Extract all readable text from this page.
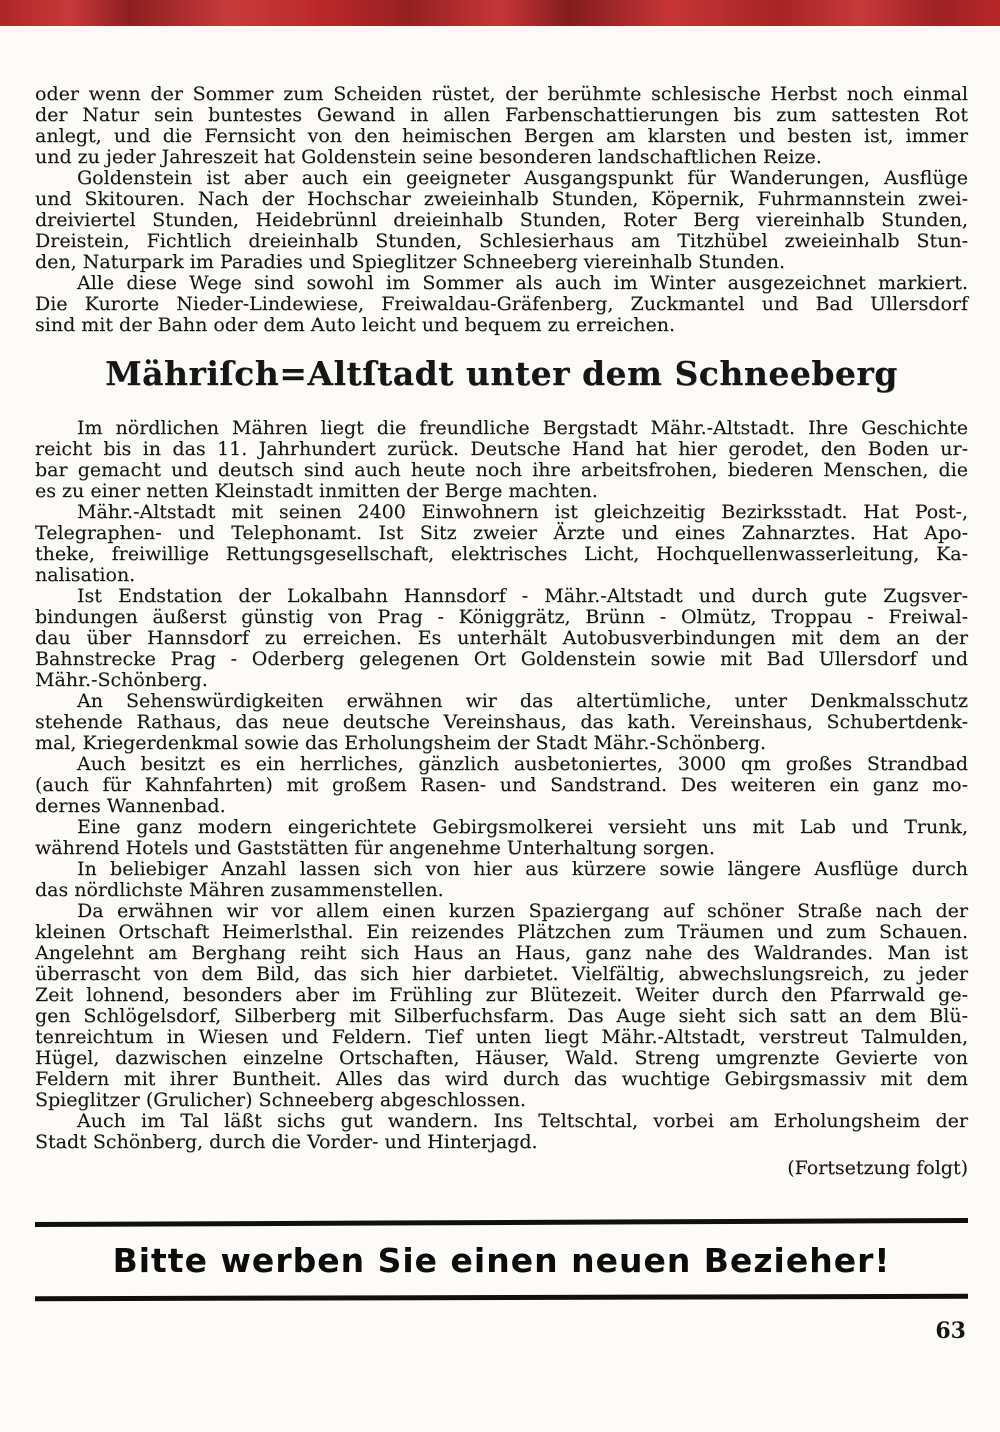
oder wenn der Sommer zum Scheiden rüstet, der berühmte schlesische Herbst noch einmal
der Natur sein buntestes Gewand in allen Farbenschattierungen bis zum sattesten Rot
anlegt, und die Fernsicht von den heimischen Bergen am klarsten und besten ist, immer
und zu jeder Jahreszeit hat Goldenstein seine besonderen landschaftlichen Reize.
Goldenstein ist aber auch ein geeigneter Ausgangspunkt für Wanderungen, Ausflüge
und Skitouren. Nach der Hochschar zweieinhalb Stunden, Köpernik, Fuhrmannstein zwei-
dreiviertel Stunden, Heidebrünnl dreieinhalb Stunden, Roter Berg viereinhalb Stunden,
Dreistein, Fichtlich dreieinhalb Stunden, Schlesierhaus am Titzhübel zweieinhalb Stun-
den, Naturpark im Paradies und Spieglitzer Schneeberg viereinhalb Stunden.
Alle diese Wege sind sowohl im Sommer als auch im Winter ausgezeichnet markiert.
Die Kurorte Nieder-Lindewiese, Freiwaldau-Gräfenberg, Zuckmantel und Bad Ullersdorf
sind mit der Bahn oder dem Auto leicht und bequem zu erreichen.
Mähriſch=Altſtadt unter dem Schneeberg
Im nördlichen Mähren liegt die freundliche Bergstadt Mähr.-Altstadt. Ihre Geschichte
reicht bis in das 11. Jahrhundert zurück. Deutsche Hand hat hier gerodet, den Boden ur-
bar gemacht und deutsch sind auch heute noch ihre arbeitsfrohen, biederen Menschen, die
es zu einer netten Kleinstadt inmitten der Berge machten.
Mähr.-Altstadt mit seinen 2400 Einwohnern ist gleichzeitig Bezirksstadt. Hat Post-,
Telegraphen- und Telephonamt. Ist Sitz zweier Ärzte und eines Zahnarztes. Hat Apo-
theke, freiwillige Rettungsgesellschaft, elektrisches Licht, Hochquellenwasserleitung, Ka-
nalisation.
Ist Endstation der Lokalbahn Hannsdorf - Mähr.-Altstadt und durch gute Zugsver-
bindungen äußerst günstig von Prag - Königgrätz, Brünn - Olmütz, Troppau - Freiwal-
dau über Hannsdorf zu erreichen. Es unterhält Autobusverbindungen mit dem an der
Bahnstrecke Prag - Oderberg gelegenen Ort Goldenstein sowie mit Bad Ullersdorf und
Mähr.-Schönberg.
An Sehenswürdigkeiten erwähnen wir das altertümliche, unter Denkmalsschutz
stehende Rathaus, das neue deutsche Vereinshaus, das kath. Vereinshaus, Schubertdenk-
mal, Kriegerdenkmal sowie das Erholungsheim der Stadt Mähr.-Schönberg.
Auch besitzt es ein herrliches, gänzlich ausbetoniertes, 3000 qm großes Strandbad
(auch für Kahnfahrten) mit großem Rasen- und Sandstrand. Des weiteren ein ganz mo-
dernes Wannenbad.
Eine ganz modern eingerichtete Gebirgsmolkerei versieht uns mit Lab und Trunk,
während Hotels und Gaststätten für angenehme Unterhaltung sorgen.
In beliebiger Anzahl lassen sich von hier aus kürzere sowie längere Ausflüge durch
das nördlichste Mähren zusammenstellen.
Da erwähnen wir vor allem einen kurzen Spaziergang auf schöner Straße nach der
kleinen Ortschaft Heimerlsthal. Ein reizendes Plätzchen zum Träumen und zum Schauen.
Angelehnt am Berghang reiht sich Haus an Haus, ganz nahe des Waldrandes. Man ist
überrascht von dem Bild, das sich hier darbietet. Vielfältig, abwechslungsreich, zu jeder
Zeit lohnend, besonders aber im Frühling zur Blütezeit. Weiter durch den Pfarrwald ge-
gen Schlögelsdorf, Silberberg mit Silberfuchsfarm. Das Auge sieht sich satt an dem Blü-
tenreichtum in Wiesen und Feldern. Tief unten liegt Mähr.-Altstadt, verstreut Talmulden,
Hügel, dazwischen einzelne Ortschaften, Häuser, Wald. Streng umgrenzte Gevierte von
Feldern mit ihrer Buntheit. Alles das wird durch das wuchtige Gebirgsmassiv mit dem
Spieglitzer (Grulicher) Schneeberg abgeschlossen.
Auch im Tal läßt sichs gut wandern. Ins Teltschtal, vorbei am Erholungsheim der
Stadt Schönberg, durch die Vorder- und Hinterjagd.
(Fortsetzung folgt)
Bitte werben Sie einen neuen Bezieher!
63
